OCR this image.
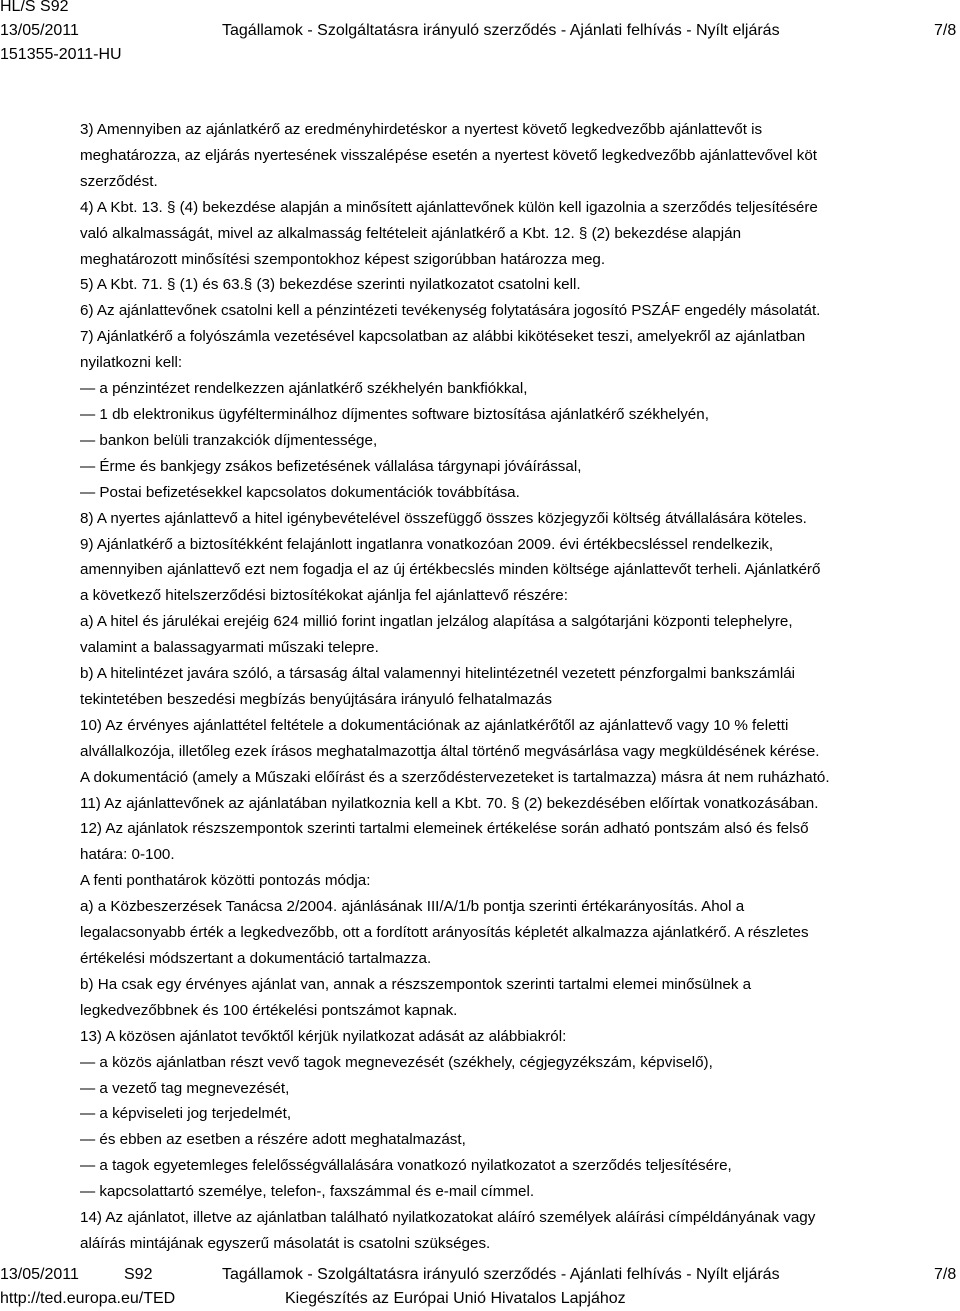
HL/S S92
13/05/2011	Tagállamok - Szolgáltatásra irányuló szerződés - Ajánlati felhívás - Nyílt eljárás	7/8
151355-2011-HU

3) Amennyiben az ajánlatkérő az eredményhirdetéskor a nyertest követő legkedvezőbb ajánlattevőt is

meghatározza, az eljárás nyertesének visszalépése esetén a nyertest követő legkedvezőbb ajánlattevővel köt

szerződést.

4) A Kbt. 13. § (4) bekezdése alapján a minősített ajánlattevőnek külön kell igazolnia a szerződés teljesítésére

való alkalmasságát, mivel az alkalmasság feltételeit ajánlatkérő a Kbt. 12. § (2) bekezdése alapján

meghatározott minősítési szempontokhoz képest szigorúbban határozza meg.

5) A Kbt. 71. § (1) és 63.§ (3) bekezdése szerinti nyilatkozatot csatolni kell.

6) Az ajánlattevőnek csatolni kell a pénzintézeti tevékenység folytatására jogosító PSZÁF engedély másolatát.

7) Ajánlatkérő a folyószámla vezetésével kapcsolatban az alábbi kikötéseket teszi, amelyekről az ajánlatban

nyilatkozni kell:

— a pénzintézet rendelkezzen ajánlatkérő székhelyén bankfiókkal,

— 1 db elektronikus ügyfélterminálhoz díjmentes software biztosítása ajánlatkérő székhelyén,

— bankon belüli tranzakciók díjmentessége,

— Érme és bankjegy zsákos befizetésének vállalása tárgynapi jóváírással,

— Postai befizetésekkel kapcsolatos dokumentációk továbbítása.

8) A nyertes ajánlattevő a hitel igénybevételével összefüggő összes közjegyzői költség átvállalására köteles.

9) Ajánlatkérő a biztosítékként felajánlott ingatlanra vonatkozóan 2009. évi értékbecsléssel rendelkezik,

amennyiben ajánlattevő ezt nem fogadja el az új értékbecslés minden költsége ajánlattevőt terheli. Ajánlatkérő

a következő hitelszerződési biztosítékokat ajánlja fel ajánlattevő részére:

a) A hitel és járulékai erejéig 624 millió forint ingatlan jelzálog alapítása a salgótarjáni központi telephelyre,

valamint a balassagyarmati műszaki telepre.

b) A hitelintézet javára szóló, a társaság által valamennyi hitelintézetnél vezetett pénzforgalmi bankszámlái

tekintetében beszedési megbízás benyújtására irányuló felhatalmazás

10) Az érvényes ajánlattétel feltétele a dokumentációnak az ajánlatkérőtől az ajánlattevő vagy 10 % feletti

alvállalkozója, illetőleg ezek írásos meghatalmazottja által történő megvásárlása vagy megküldésének kérése.

A dokumentáció (amely a Műszaki előírást és a szerződéstervezeteket is tartalmazza) másra át nem ruházható.

11) Az ajánlattevőnek az ajánlatában nyilatkoznia kell a Kbt. 70. § (2) bekezdésében előírtak vonatkozásában.

12) Az ajánlatok részszempontok szerinti tartalmi elemeinek értékelése során adható pontszám alsó és felső

határa: 0-100.

A fenti ponthatárok közötti pontozás módja:

a) a Közbeszerzések Tanácsa 2/2004. ajánlásának III/A/1/b pontja szerinti értékarányosítás. Ahol a

legalacsonyabb érték a legkedvezőbb, ott a fordított arányosítás képletét alkalmazza ajánlatkérő. A részletes

értékelési módszertant a dokumentáció tartalmazza.

b) Ha csak egy érvényes ajánlat van, annak a részszempontok szerinti tartalmi elemei minősülnek a

legkedvezőbbnek és 100 értékelési pontszámot kapnak.

13) A közösen ajánlatot tevőktől kérjük nyilatkozat adását az alábbiakról:

— a közös ajánlatban részt vevő tagok megnevezését (székhely, cégjegyzékszám, képviselő),

— a vezető tag megnevezését,

— a képviseleti jog terjedelmét,

— és ebben az esetben a részére adott meghatalmazást,

— a tagok egyetemleges felelősségvállalására vonatkozó nyilatkozatot a szerződés teljesítésére,

— kapcsolattartó személye, telefon-, faxszámmal és e-mail címmel.

14) Az ajánlatot, illetve az ajánlatban található nyilatkozatokat aláíró személyek aláírási címpéldányának vagy

aláírás mintájának egyszerű másolatát is csatolni szükséges.

13/05/2011	S92	Tagállamok - Szolgáltatásra irányuló szerződés - Ajánlati felhívás - Nyílt eljárás	7/8
http://ted.europa.eu/TED	Kiegészítés az Európai Unió Hivatalos Lapjához
